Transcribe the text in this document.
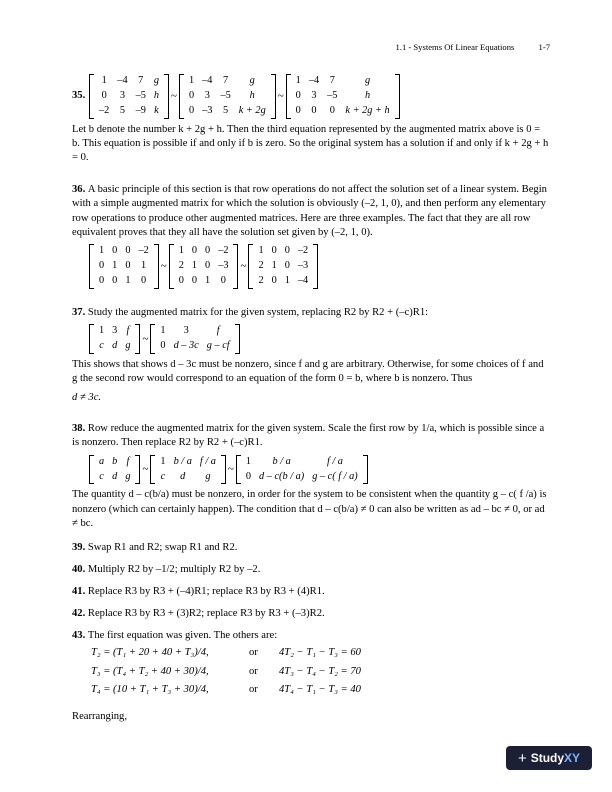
1.1 - Systems Of Linear Equations	1-7
35.
1	–4	7	g
0	3	–5	h
–2	5	–9	k
~
1	–4	7	g
0	3	–5	h
0	–3	5	k + 2g
~
1	–4	7	g
0	3	–5	h
0	0	0	k + 2g + h

Let b denote the number k + 2g + h. Then the third equation represented by the augmented matrix above is 0 = b. This equation is possible if and only if b is zero. So the original system has a solution if and only if k + 2g + h = 0.

36. A basic principle of this section is that row operations do not affect the solution set of a linear system. Begin with a simple augmented matrix for which the solution is obviously (–2, 1, 0), and then perform any elementary row operations to produce other augmented matrices. Here are three examples. The fact that they are all row equivalent proves that they all have the solution set given by (–2, 1, 0).

1	0	0	–2
0	1	0	1
0	0	1	0
~
1	0	0	–2
2	1	0	–3
0	0	1	0
~
1	0	0	–2
2	1	0	–3
2	0	1	–4

37. Study the augmented matrix for the given system, replacing R2 by R2 + (–c)R1:

1	3	f
c	d	g
~
1	3	f
0	d – 3c	g – cf

This shows that shows d – 3c must be nonzero, since f and g are arbitrary. Otherwise, for some choices of f and g the second row would correspond to an equation of the form 0 = b, where b is nonzero. Thus

d ≠ 3c.

38. Row reduce the augmented matrix for the given system. Scale the first row by 1/a, which is possible since a is nonzero. Then replace R2 by R2 + (–c)R1.

a	b	f
c	d	g
~
1	b / a	f / a
c	d	g
~
1	b / a	f / a
0	d – c(b / a)	g – c( f / a)

The quantity d – c(b/a) must be nonzero, in order for the system to be consistent when the quantity g – c( f /a) is nonzero (which can certainly happen). The condition that d – c(b/a) ≠ 0 can also be written as ad – bc ≠ 0, or ad ≠ bc.

39. Swap R1 and R2; swap R1 and R2.

40. Multiply R2 by –1/2; multiply R2 by –2.

41. Replace R3 by R3 + (–4)R1; replace R3 by R3 + (4)R1.

42. Replace R3 by R3 + (3)R2; replace R3 by R3 + (–3)R2.

43. The first equation was given. The others are:

T₂ = (T₁ + 20 + 40 + T₃)/4,	or	4T₂ − T₁ − T₃ = 60
T₃ = (T₄ + T₂ + 40 + 30)/4,	or	4T₃ − T₄ − T₂ = 70
T₄ = (10 + T₁ + T₃ + 30)/4,	or	4T₄ − T₁ − T₃ = 40

Rearranging,

+ Study XY
